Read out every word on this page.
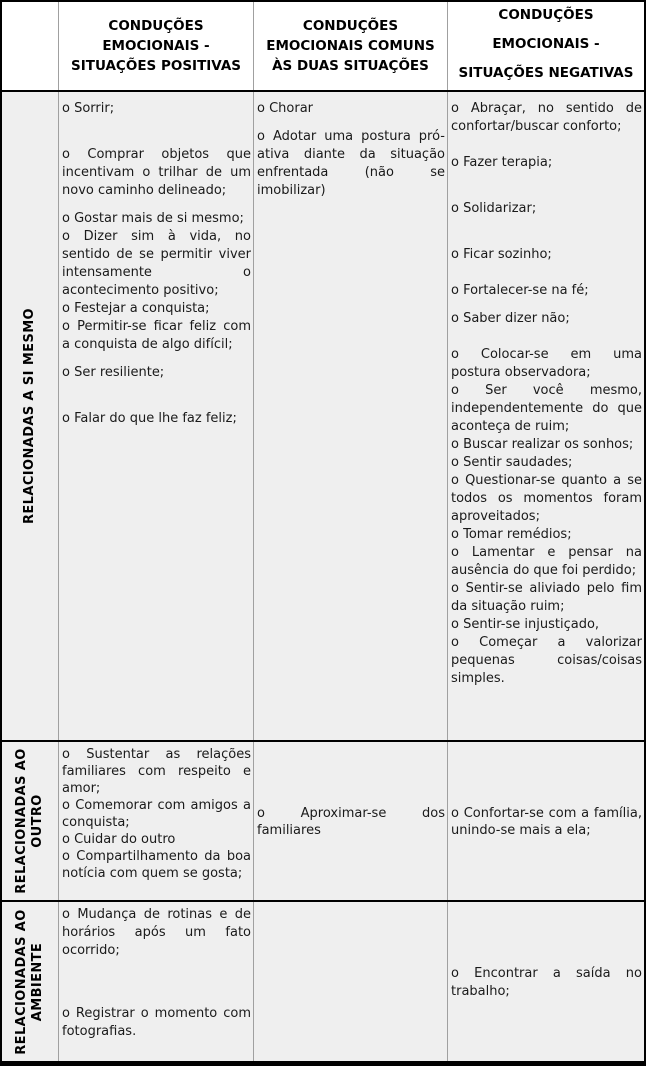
CONDUÇÕES
EMOCIONAIS -
SITUAÇÕES POSITIVAS
CONDUÇÕES
EMOCIONAIS COMUNS
ÀS DUAS SITUAÇÕES
CONDUÇÕES
EMOCIONAIS -
SITUAÇÕES NEGATIVAS
RELACIONADAS A SI MESMO

o Sorrir;

o Comprar objetos que incentivam o trilhar de um novo caminho delineado;

o Gostar mais de si mesmo;

o Dizer sim à vida, no sentido de se permitir viver intensamente o acontecimento positivo;

o Festejar a conquista;

o Permitir-se ficar feliz com a conquista de algo difícil;

o Ser resiliente;

o Falar do que lhe faz feliz;

o Chorar

o Adotar uma postura pró-ativa diante da situação enfrentada (não se imobilizar)

o Abraçar, no sentido de confortar/buscar conforto;

o Fazer terapia;

o Solidarizar;

o Ficar sozinho;

o Fortalecer-se na fé;

o Saber dizer não;

o Colocar-se em uma postura observadora;

o Ser você mesmo, independentemente do que aconteça de ruim;

o Buscar realizar os sonhos;

o Sentir saudades;

o Questionar-se quanto a se todos os momentos foram aproveitados;

o Tomar remédios;

o Lamentar e pensar na ausência do que foi perdido;

o Sentir-se aliviado pelo fim da situação ruim;

o Sentir-se injustiçado,

o Começar a valorizar pequenas coisas/coisas simples.

RELACIONADAS AO
OUTRO

o Sustentar as relações familiares com respeito e amor;

o Comemorar com amigos a conquista;

o Cuidar do outro

o Compartilhamento da boa notícia com quem se gosta;

o Aproximar-se dos familiares

o Confortar-se com a família, unindo-se mais a ela;

RELACIONADAS AO
AMBIENTE

o Mudança de rotinas e de horários após um fato ocorrido;

o Registrar o momento com fotografias.

o Encontrar a saída no trabalho;
